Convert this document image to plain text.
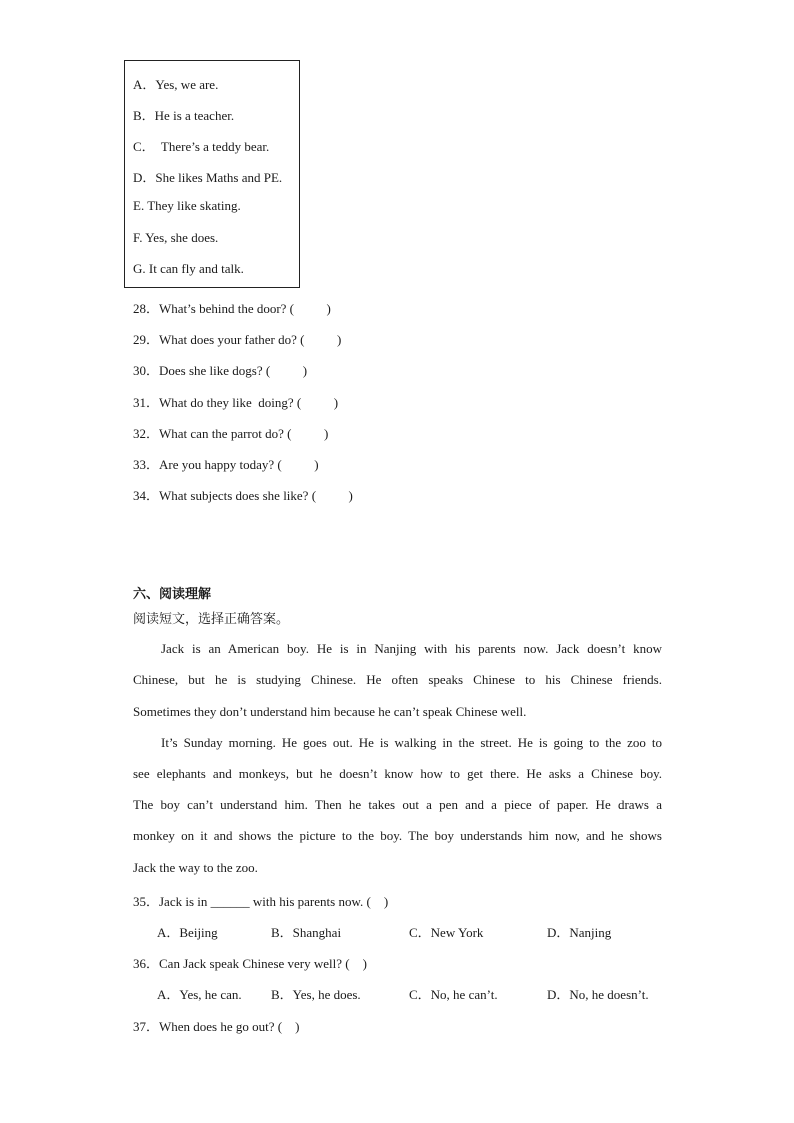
A．Yes, we are.
B．He is a teacher.
C．  There’s a teddy bear.
D．She likes Maths and PE.
E. They like skating.
F. Yes, she does.
G. It can fly and talk.
28．What’s behind the door? (          )
29．What does your father do? (          )
30．Does she like dogs? (          )
31．What do they like  doing? (          )
32．What can the parrot do? (          )
33．Are you happy today? (          )
34．What subjects does she like? (          )
六、阅读理解
阅读短文，选择正确答案。
Jack is an American boy. He is in Nanjing with his parents now. Jack doesn’t know
Chinese, but he is studying Chinese. He often speaks Chinese to his Chinese friends.
Sometimes they don’t understand him because he can’t speak Chinese well.
It’s Sunday morning. He goes out. He is walking in the street. He is going to the zoo to
see elephants and monkeys, but he doesn’t know how to get there. He asks a Chinese boy.
The boy can’t understand him. Then he takes out a pen and a piece of paper. He draws a
monkey on it and shows the picture to the boy. The boy understands him now, and he shows
Jack the way to the zoo.
35．Jack is in ______ with his parents now. (    )
A．Beijing	B．Shanghai	C．New York	D．Nanjing
36．Can Jack speak Chinese very well? (    )
A．Yes, he can. B．Yes, he does.	C．No, he can’t.	D．No, he doesn’t.
37．When does he go out? (    )
